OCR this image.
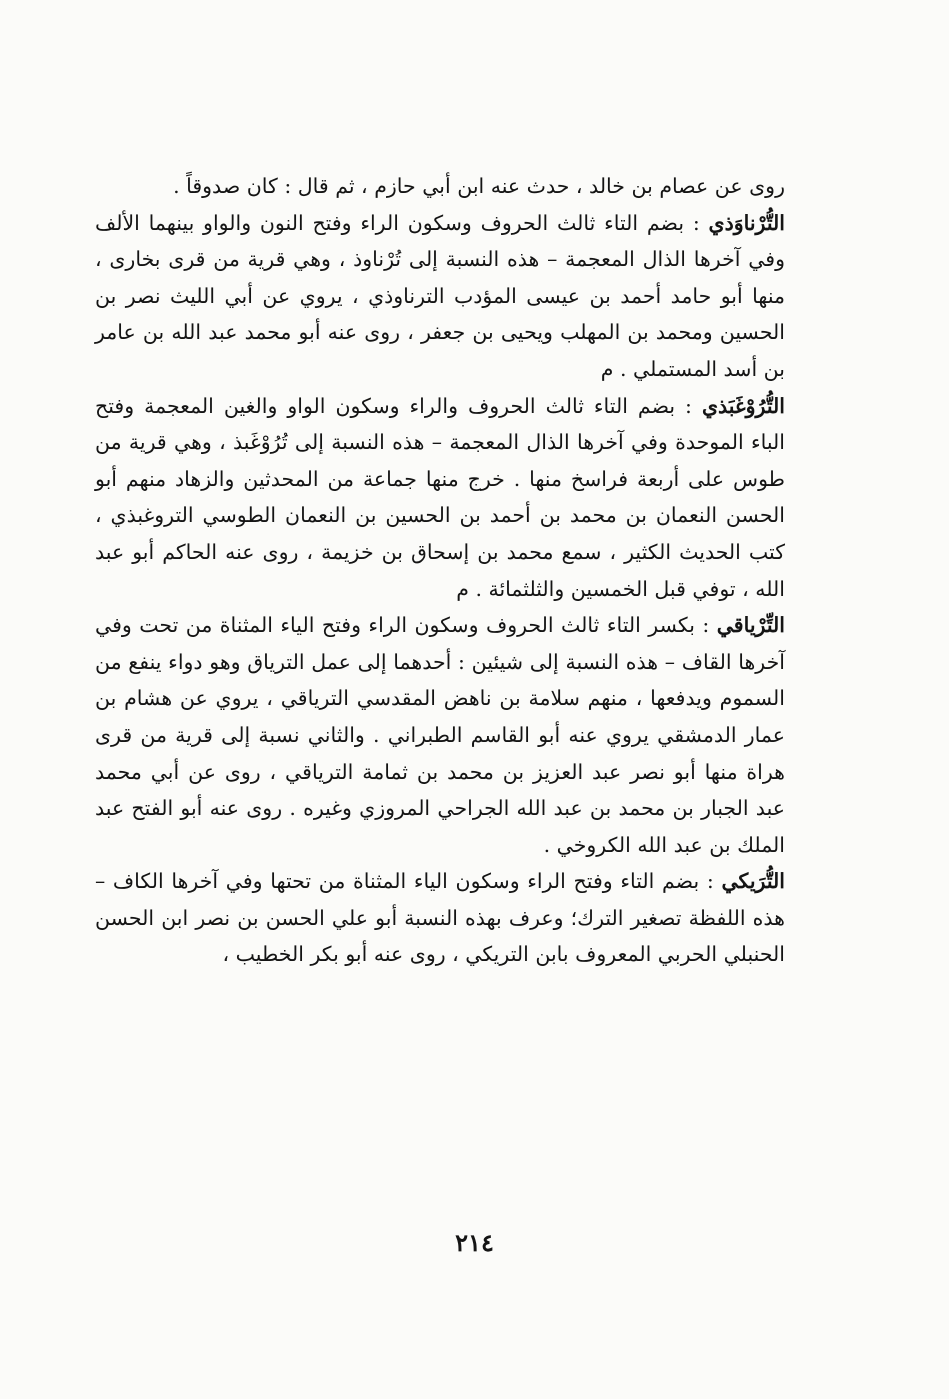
روى عن عصام بن خالد ، حدث عنه ابن أبي حازم ، ثم قال : كان صدوقاً .

التُّرْناوَذي : بضم التاء ثالث الحروف وسكون الراء وفتح النون والواو بينهما الألف وفي آخرها الذال المعجمة – هذه النسبة إلى تُرْناوذ ، وهي قرية من قرى بخارى ، منها أبو حامد أحمد بن عيسى المؤدب الترناوذي ، يروي عن أبي الليث نصر بن الحسين ومحمد بن المهلب ويحيى بن جعفر ، روى عنه أبو محمد عبد الله بن عامر بن أسد المستملي . م

التُّرُوْغَبَذي : بضم التاء ثالث الحروف والراء وسكون الواو والغين المعجمة وفتح الباء الموحدة وفي آخرها الذال المعجمة – هذه النسبة إلى تُرُوْغَبذ ، وهي قرية من طوس على أربعة فراسخ منها . خرج منها جماعة من المحدثين والزهاد منهم أبو الحسن النعمان بن محمد بن أحمد بن الحسين بن النعمان الطوسي التروغبذي ، كتب الحديث الكثير ، سمع محمد بن إسحاق بن خزيمة ، روى عنه الحاكم أبو عبد الله ، توفي قبل الخمسين والثلثمائة . م

التِّرْياقي : بكسر التاء ثالث الحروف وسكون الراء وفتح الياء المثناة من تحت وفي آخرها القاف – هذه النسبة إلى شيئين : أحدهما إلى عمل الترياق وهو دواء ينفع من السموم ويدفعها ، منهم سلامة بن ناهض المقدسي الترياقي ، يروي عن هشام بن عمار الدمشقي يروي عنه أبو القاسم الطبراني . والثاني نسبة إلى قرية من قرى هراة منها أبو نصر عبد العزيز بن محمد بن ثمامة الترياقي ، روى عن أبي محمد عبد الجبار بن محمد بن عبد الله الجراحي المروزي وغيره . روى عنه أبو الفتح عبد الملك بن عبد الله الكروخي .

التُّرَيكي : بضم التاء وفتح الراء وسكون الياء المثناة من تحتها وفي آخرها الكاف – هذه اللفظة تصغير الترك؛ وعرف بهذه النسبة أبو علي الحسن بن نصر ابن الحسن الحنبلي الحربي المعروف بابن التريكي ، روى عنه أبو بكر الخطيب ،

٢١٤
